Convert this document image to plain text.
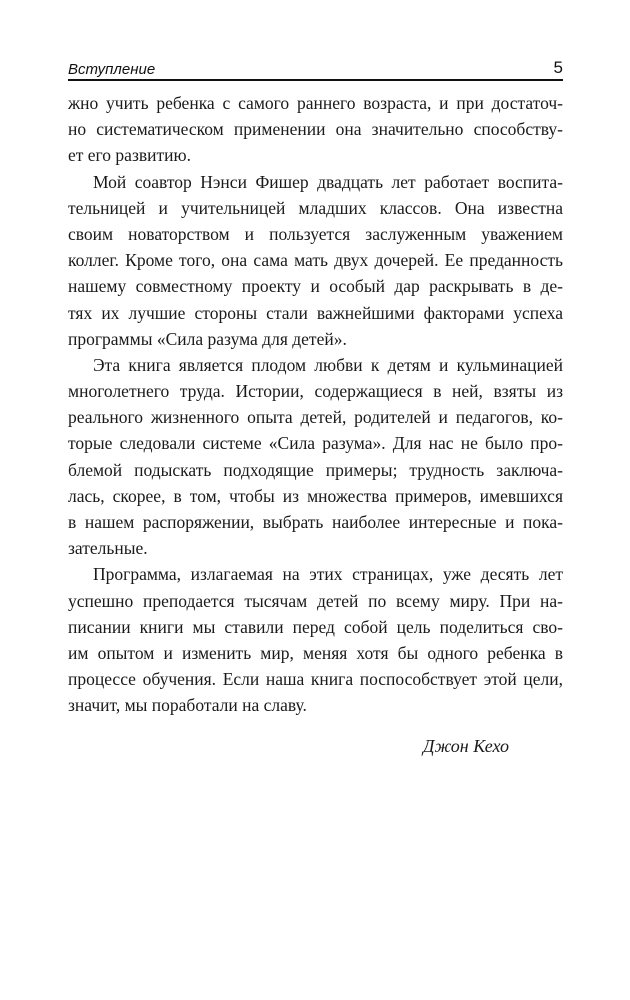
Вступление	5
жно учить ребенка с самого раннего возраста, и при достаточ-
но систематическом применении она значительно способству-
ет его развитию.
Мой соавтор Нэнси Фишер двадцать лет работает воспита-
тельницей и учительницей младших классов. Она известна
своим новаторством и пользуется заслуженным уважением
коллег. Кроме того, она сама мать двух дочерей. Ее преданность
нашему совместному проекту и особый дар раскрывать в де-
тях их лучшие стороны стали важнейшими факторами успеха
программы «Сила разума для детей».
Эта книга является плодом любви к детям и кульминацией
многолетнего труда. Истории, содержащиеся в ней, взяты из
реального жизненного опыта детей, родителей и педагогов, ко-
торые следовали системе «Сила разума». Для нас не было про-
блемой подыскать подходящие примеры; трудность заключа-
лась, скорее, в том, чтобы из множества примеров, имевшихся
в нашем распоряжении, выбрать наиболее интересные и пока-
зательные.
Программа, излагаемая на этих страницах, уже десять лет
успешно преподается тысячам детей по всему миру. При на-
писании книги мы ставили перед собой цель поделиться сво-
им опытом и изменить мир, меняя хотя бы одного ребенка в
процессе обучения. Если наша книга поспособствует этой цели,
значит, мы поработали на славу.
Джон Кехо
